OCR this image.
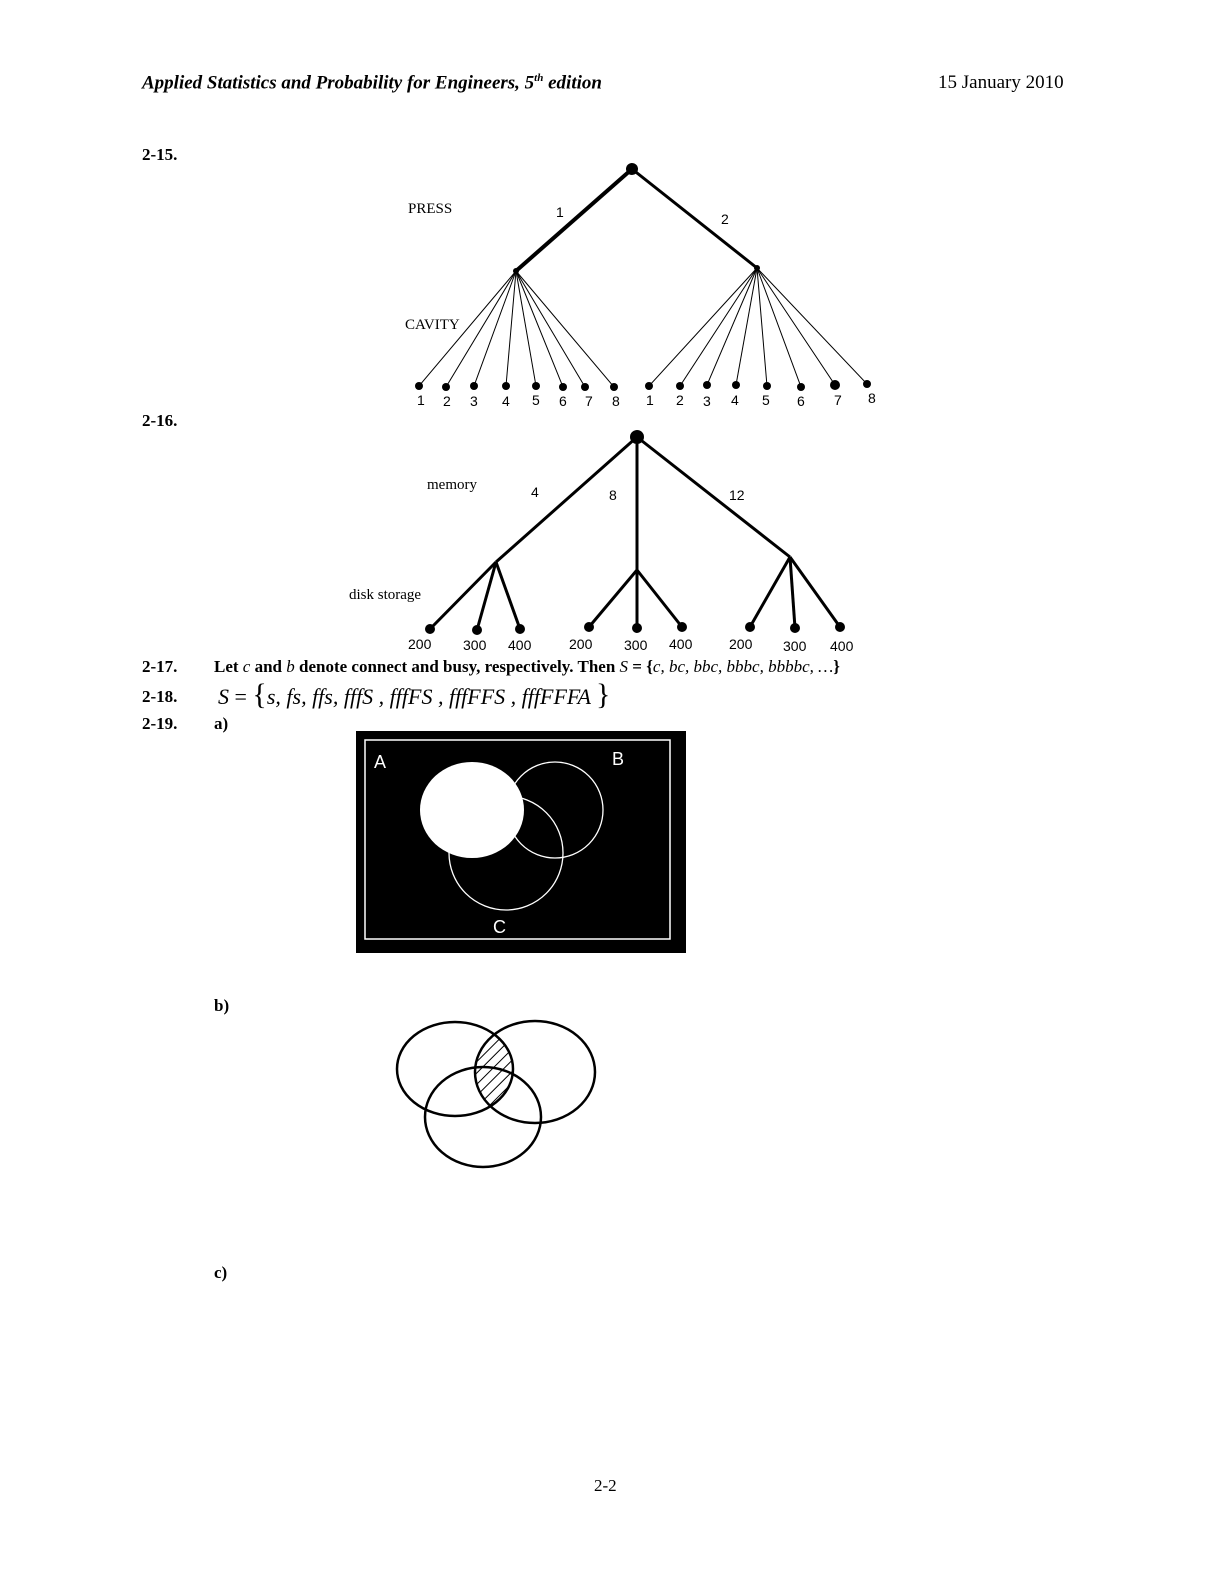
Applied Statistics and Probability for Engineers, 5th edition	15 January 2010
2-15.
2-16.
2-17.
2-18.
2-19.
PRESS
CAVITY
1	2
1 2 3 4 5 6 7 8 1 2 3 4 5 6 7 8
memory
disk storage
4	8	12
200 300 400	200 300 400	200 300 400
Let c and b denote connect and busy, respectively. Then S = {c, bc, bbc, bbbc, bbbbc, …}
S = {s, fs, ffs, fffS , fffFS , fffFFS , fffFFFA }
a)
b)
c)
A	B
C
2-2
